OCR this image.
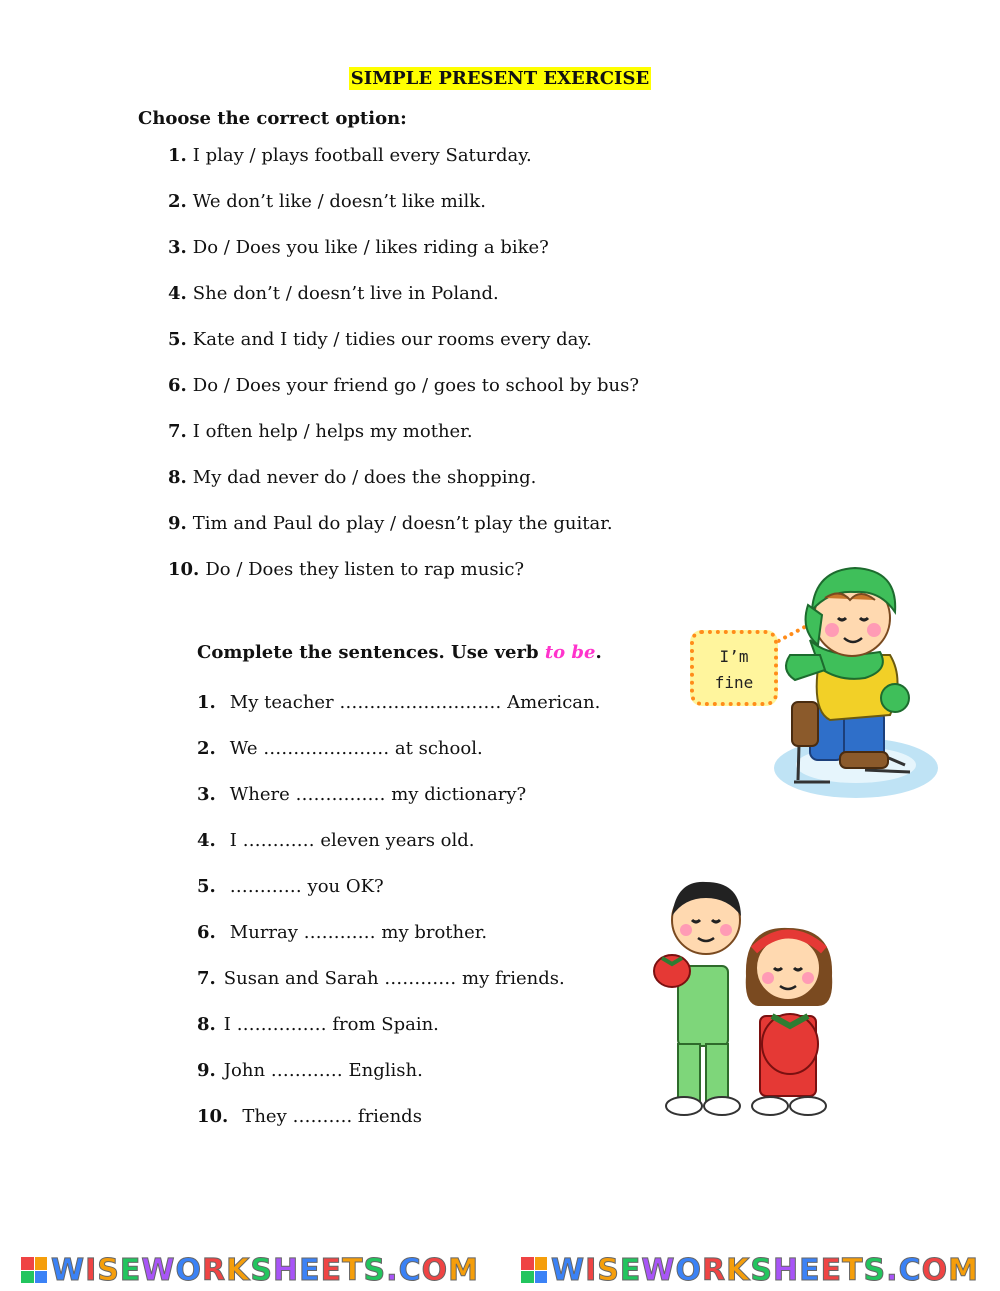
SIMPLE PRESENT EXERCISE
Choose the correct option:
1. I play / plays football every Saturday.
2. We don’t like / doesn’t like milk.
3. Do / Does you like / likes riding a bike?
4. She don’t / doesn’t live in Poland.
5. Kate and I tidy / tidies our rooms every day.
6. Do / Does your friend go / goes to school by bus?
7. I often help / helps my mother.
8. My dad never do / does the shopping.
9. Tim and Paul do play / doesn’t play the guitar.
10. Do / Does they listen to rap music?
Complete the sentences. Use verb to be.
1. My teacher ……………………… American.
2. We ………………… at school.
3. Where …………… my dictionary?
4. I ………… eleven years old.
5. ………… you OK?
6. Murray ………… my brother.
7. Susan and Sarah ………… my friends.
8. I …………… from Spain.
9. John ………… English.
10. They ………. friends
I’m
fine
WISEWORKSHEETS.COM WISEWORKSHEETS.COM
